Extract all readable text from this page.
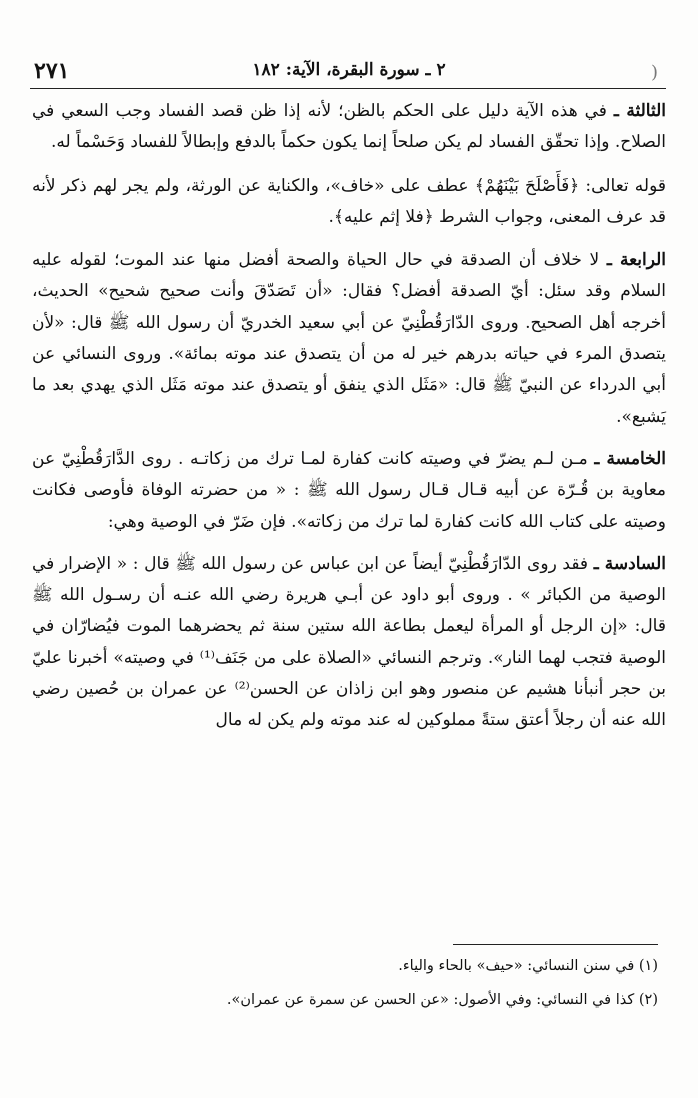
٢٧١	٢ ـ سورة البقرة، الآية: ١٨٢	(

الثالثة ـ في هذه الآية دليل على الحكم بالظن؛ لأنه إذا ظن قصد الفساد وجب السعي في الصلاح. وإذا تحقّق الفساد لم يكن صلحاً إنما يكون حكماً بالدفع وإبطالاً للفساد وَحَسْماً له.

قوله تعالى: ﴿فَأَصْلَحَ بَيْنَهُمْ﴾ عطف على «خاف»، والكناية عن الورثة، ولم يجر لهم ذكر لأنه قد عرف المعنى، وجواب الشرط ﴿فلا إثم عليه﴾.

الرابعة ـ لا خلاف أن الصدقة في حال الحياة والصحة أفضل منها عند الموت؛ لقوله عليه السلام وقد سئل: أيّ الصدقة أفضل؟ فقال: «أن تَصَدّقَ وأنت صحيح شحيح» الحديث، أخرجه أهل الصحيح. وروى الدّارَقُطْنِيّ عن أبي سعيد الخدريّ أن رسول الله ﷺ قال: «لأن يتصدق المرء في حياته بدرهم خير له من أن يتصدق عند موته بمائة». وروى النسائي عن أبي الدرداء عن النبيّ ﷺ قال: «مَثَل الذي ينفق أو يتصدق عند موته مَثَل الذي يهدي بعد ما يَشبع».

الخامسة ـ مـن لـم يضرّ في وصيته كانت كفارة لمـا ترك من زكاتـه . روى الدَّارَقُطْنِيّ عن معاوية بن قُـرّة عن أبيه قـال قـال رسول الله ﷺ : « من حضرته الوفاة فأوصى فكانت وصيته على كتاب الله كانت كفارة لما ترك من زكاته». فإن ضَرّ في الوصية وهي:

السادسة ـ فقد روى الدّارَقُطْنِيّ أيضاً عن ابن عباس عن رسول الله ﷺ قال : « الإضرار في الوصية من الكبائر » . وروى أبو داود عن أبـي هريرة رضي الله عنـه أن رسـول الله ﷺ قال: «إن الرجل أو المرأة ليعمل بطاعة الله ستين سنة ثم يحضرهما الموت فيُضارّان في الوصية فتجب لهما النار». وترجم النسائي «الصلاة على من جَنَف⁽¹⁾ في وصيته» أخبرنا عليّ بن حجر أنبأنا هشيم عن منصور وهو ابن زاذان عن الحسن⁽²⁾ عن عمران بن حُصين رضي الله عنه أن رجلاً أعتق ستةً مملوكين له عند موته ولم يكن له مال

(١) في سنن النسائي: «حيف» بالحاء والياء.

(٢) كذا في النسائي: وفي الأصول: «عن الحسن عن سمرة عن عمران».
